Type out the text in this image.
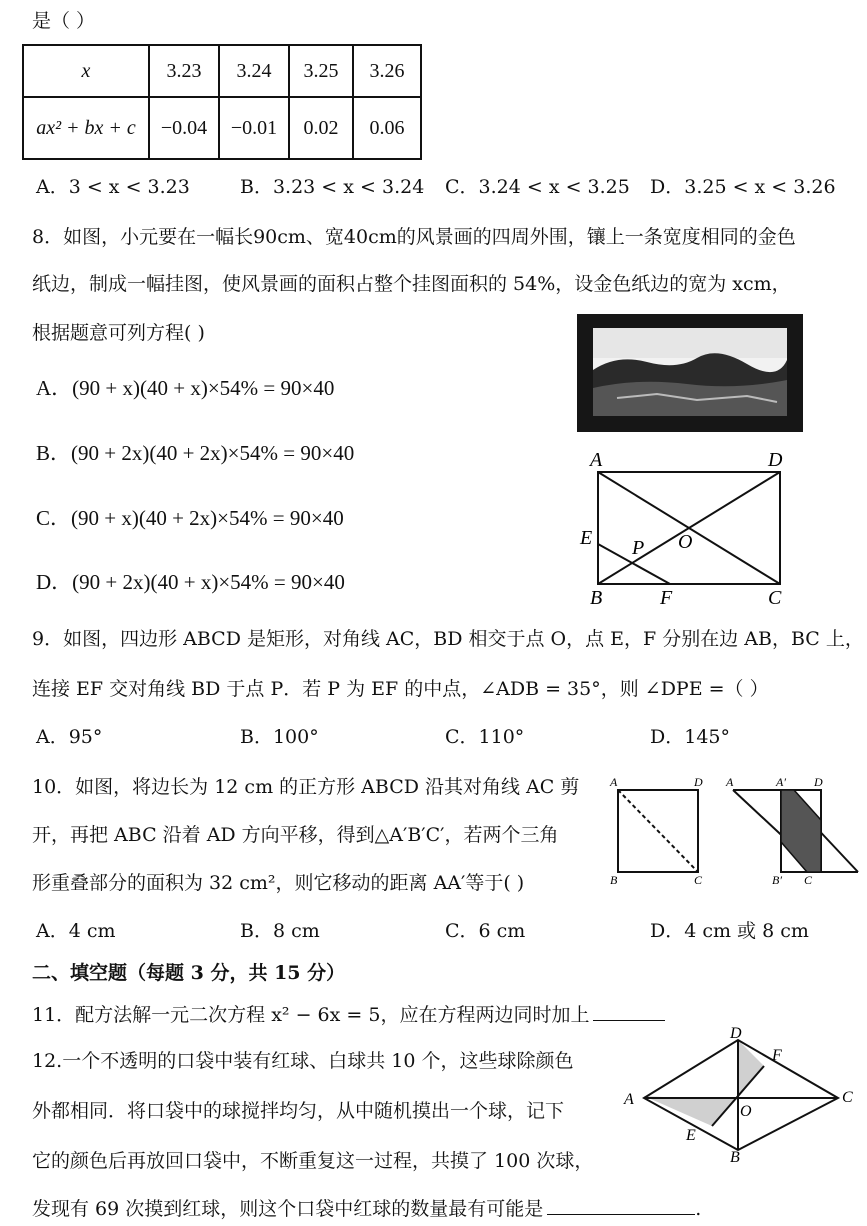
是（ ）
x	3.23	3.24	3.25	3.26
ax² + bx + c	−0.04	−0.01	0.02	0.06
A．3 < x < 3.23	B．3.23 < x < 3.24 C．3.24 < x < 3.25 D．3.25 < x < 3.26
8．如图，小元要在一幅长90cm、宽40cm的风景画的四周外围，镶上一条宽度相同的金色
纸边，制成一幅挂图，使风景画的面积占整个挂图面积的 54%，设金色纸边的宽为 xcm，
根据题意可列方程( )
A．(90 + x)(40 + x)×54% = 90×40
B．(90 + 2x)(40 + 2x)×54% = 90×40
C．(90 + x)(40 + 2x)×54% = 90×40
D．(90 + 2x)(40 + x)×54% = 90×40
A	D
E P O
B	F	C
9．如图，四边形 ABCD 是矩形，对角线 AC，BD 相交于点 O，点 E，F 分别在边 AB，BC 上，
连接 EF 交对角线 BD 于点 P．若 P 为 EF 的中点，∠ADB = 35°，则 ∠DPE =（ ）
A．95°	B．100°	C．110°	D．145°
10．如图，将边长为 12 cm 的正方形 ABCD 沿其对角线 AC 剪
开，再把 ABC 沿着 AD 方向平移，得到△A′B′C′，若两个三角
形重叠部分的面积为 32 cm²，则它移动的距离 AA′等于( )
A	D
B	C
A	A′ D
B′ C
A．4 cm	B．8 cm	C．6 cm	D．4 cm 或 8 cm
二、填空题（每题 3 分，共 15 分）
11．配方法解一元二次方程 x² − 6x = 5，应在方程两边同时加上
12.一个不透明的口袋中装有红球、白球共 10 个，这些球除颜色
外都相同．将口袋中的球搅拌均匀，从中随机摸出一个球，记下
它的颜色后再放回口袋中，不断重复这一过程，共摸了 100 次球，
发现有 69 次摸到红球，则这个口袋中红球的数量最有可能是	.
D
F
A
O
C
E
B
